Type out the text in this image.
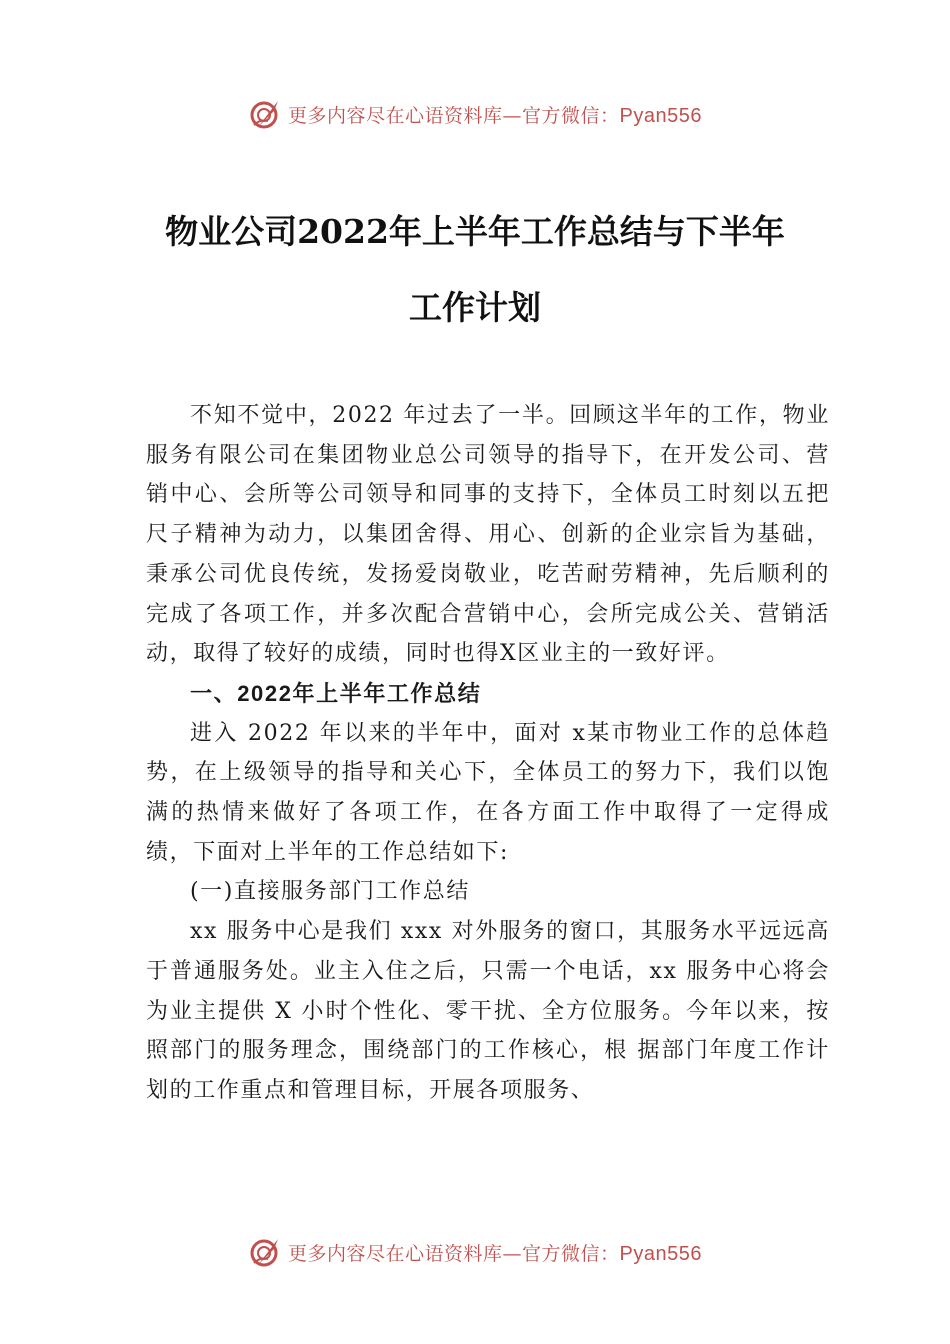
更多内容尽在心语资料库—官方微信：Pyan556
物业公司2022年上半年工作总结与下半年
工作计划

不知不觉中，2022 年过去了一半。回顾这半年的工作，物业服务有限公司在集团物业总公司领导的指导下，在开发公司、营销中心、会所等公司领导和同事的支持下，全体员工时刻以五把尺子精神为动力，以集团舍得、用心、创新的企业宗旨为基础，秉承公司优良传统，发扬爱岗敬业，吃苦耐劳精神，先后顺利的完成了各项工作，并多次配合营销中心，会所完成公关、营销活动，取得了较好的成绩，同时也得X区业主的一致好评。

一、2022年上半年工作总结

进入 2022 年以来的半年中，面对 x某市物业工作的总体趋势，在上级领导的指导和关心下，全体员工的努力下，我们以饱满的热情来做好了各项工作，在各方面工作中取得了一定得成绩，下面对上半年的工作总结如下:

(一)直接服务部门工作总结

xx 服务中心是我们 xxx 对外服务的窗口，其服务水平远远高于普通服务处。业主入住之后，只需一个电话，xx 服务中心将会为业主提供 X 小时个性化、零干扰、全方位服务。今年以来，按照部门的服务理念，围绕部门的工作核心，根 据部门年度工作计划的工作重点和管理目标，开展各项服务、

更多内容尽在心语资料库—官方微信：Pyan556
